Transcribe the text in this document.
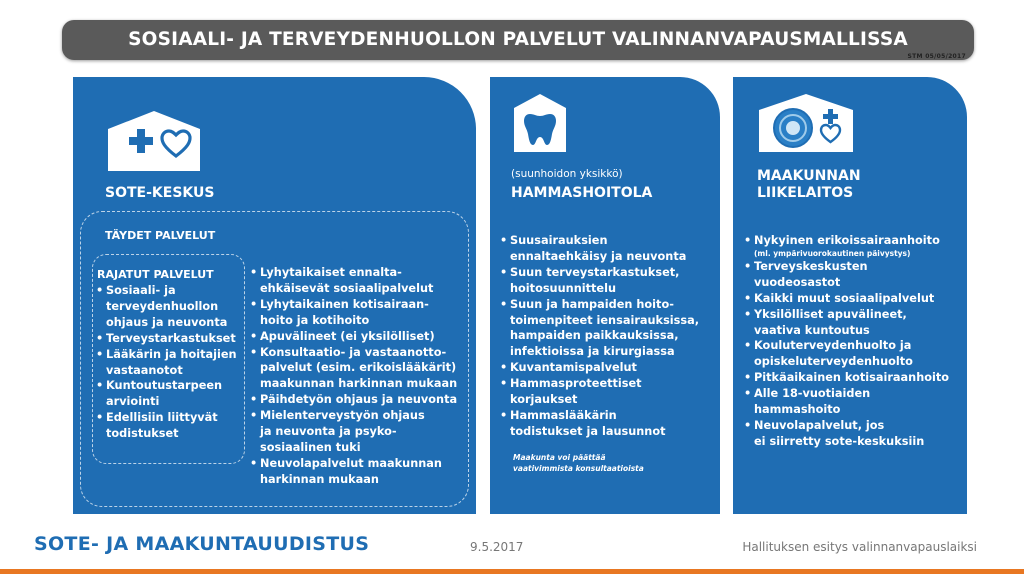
SOSIAALI- JA TERVEYDENHUOLLON PALVELUT VALINNANVAPAUSMALLISSA
STM 05/05/2017
SOTE-KESKUS
TÄYDET PALVELUT
RAJATUT PALVELUT
• Sosiaali- ja
terveydenhuollon
ohjaus ja neuvonta
• Terveystarkastukset
• Lääkärin ja hoitajien
vastaanotot
• Kuntoutustarpeen
arviointi
• Edellisiin liittyvät
todistukset
• Lyhytaikaiset ennalta-
ehkäisevät sosiaalipalvelut
• Lyhytaikainen kotisairaan-
hoito ja kotihoito
• Apuvälineet (ei yksilölliset)
• Konsultaatio- ja vastaanotto-
palvelut (esim. erikoislääkärit)
maakunnan harkinnan mukaan
• Päihdetyön ohjaus ja neuvonta
• Mielenterveystyön ohjaus
ja neuvonta ja psyko-
sosiaalinen tuki
• Neuvolapalvelut maakunnan
harkinnan mukaan
(suunhoidon yksikkö)
HAMMASHOITOLA
• Suusairauksien
ennaltaehkäisy ja neuvonta
• Suun terveystarkastukset,
hoitosuunnittelu
• Suun ja hampaiden hoito-
toimenpiteet iensairauksissa,
hampaiden paikkauksissa,
infektioissa ja kirurgiassa
• Kuvantamispalvelut
• Hammasproteettiset
korjaukset
• Hammaslääkärin
todistukset ja lausunnot
Maakunta voi päättää
vaativimmista konsultaatioista
MAAKUNNAN
LIIKELAITOS
• Nykyinen erikoissairaanhoito
(ml. ympärivuorokautinen päivystys)
• Terveyskeskusten
vuodeosastot
• Kaikki muut sosiaalipalvelut
• Yksilölliset apuvälineet,
vaativa kuntoutus
• Kouluterveydenhuolto ja
opiskeluterveydenhuolto
• Pitkäaikainen kotisairaanhoito
• Alle 18-vuotiaiden
hammashoito
• Neuvolapalvelut, jos
ei siirretty sote-keskuksiin
SOTE- JA MAAKUNTAUUDISTUS	9.5.2017	Hallituksen esitys valinnanvapauslaiksi
